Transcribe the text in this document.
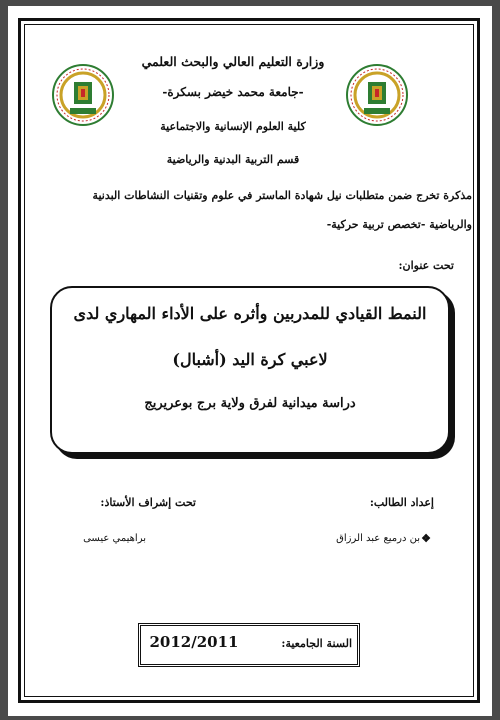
وزارة التعليم العالي والبحث العلمي
-جامعة محمد خيضر بسكرة-
كلية العلوم الإنسانية والاجتماعية
قسم التربية البدنية والرياضية
مذكرة تخرج ضمن متطلبات نيل شهادة الماستر في علوم وتقنيات النشاطات البدنية
والرياضية -تخصص تربية حركية-
تحت عنوان:
النمط القيادي للمدربين وأثره على الأداء المهاري لدى
لاعبي كرة اليد (أشبال)
دراسة ميدانية لفرق ولاية برج بوعريريج
إعداد الطالب:
بن درميع عبد الرزاق ❖
تحت إشراف الأستاذ:
براهيمي عيسى
السنة الجامعية:
2012/2011
